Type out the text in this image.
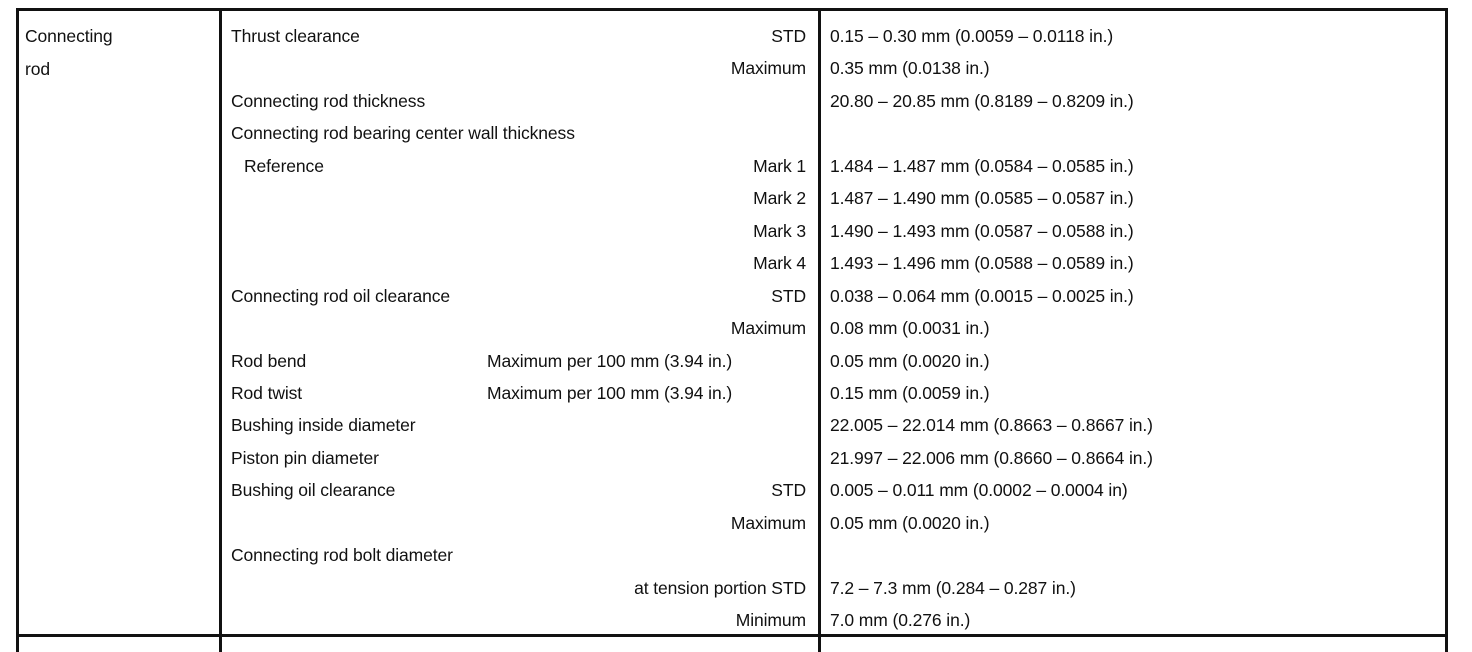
Connecting
rod
Thrust clearance	STD 0.15 – 0.30 mm (0.0059 – 0.0118 in.)
Maximum 0.35 mm (0.0138 in.)
Connecting rod thickness	20.80 – 20.85 mm (0.8189 – 0.8209 in.)
Connecting rod bearing center wall thickness
Reference	Mark 1 1.484 – 1.487 mm (0.0584 – 0.0585 in.)
Mark 2 1.487 – 1.490 mm (0.0585 – 0.0587 in.)
Mark 3 1.490 – 1.493 mm (0.0587 – 0.0588 in.)
Mark 4 1.493 – 1.496 mm (0.0588 – 0.0589 in.)
Connecting rod oil clearance	STD 0.038 – 0.064 mm (0.0015 – 0.0025 in.)
Maximum 0.08 mm (0.0031 in.)
Rod bend	Maximum per 100 mm (3.94 in.)	0.05 mm (0.0020 in.)
Rod twist	Maximum per 100 mm (3.94 in.)	0.15 mm (0.0059 in.)
Bushing inside diameter	22.005 – 22.014 mm (0.8663 – 0.8667 in.)
Piston pin diameter	21.997 – 22.006 mm (0.8660 – 0.8664 in.)
Bushing oil clearance	STD 0.005 – 0.011 mm (0.0002 – 0.0004 in)
Maximum 0.05 mm (0.0020 in.)
Connecting rod bolt diameter
at tension portion STD 7.2 – 7.3 mm (0.284 – 0.287 in.)
Minimum 7.0 mm (0.276 in.)
